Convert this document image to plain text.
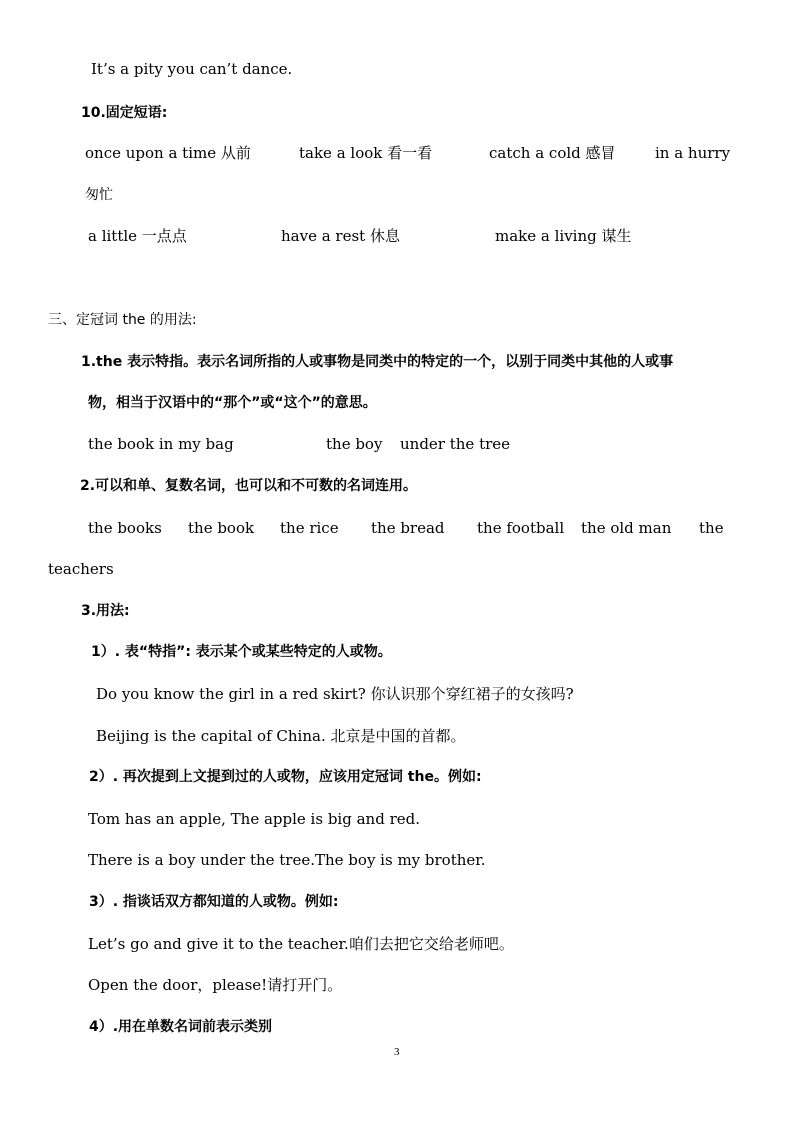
It’s a pity you can’t dance.
10.固定短语:
once upon a time 从前	take a look 看一看	catch a cold 感冒	in a hurry
匆忙
a little 一点点	have a rest 休息	make a living 谋生
三、定冠词 the 的用法:
1.the 表示特指。表示名词所指的人或事物是同类中的特定的一个，以别于同类中其他的人或事
物，相当于汉语中的“那个”或“这个”的意思。
the book in my bag	the boy under the tree
2.可以和单、复数名词，也可以和不可数的名词连用。
the books the book the rice the bread the football the old man the
teachers
3.用法:
1）. 表“特指”: 表示某个或某些特定的人或物。
Do you know the girl in a red skirt? 你认识那个穿红裙子的女孩吗?
Beijing is the capital of China. 北京是中国的首都。
2）. 再次提到上文提到过的人或物，应该用定冠词 the。例如:
Tom has an apple, The apple is big and red.
There is a boy under the tree.The boy is my brother.
3）. 指谈话双方都知道的人或物。例如:
Let’s go and give it to the teacher.咱们去把它交给老师吧。
Open the door，please!请打开门。
4）.用在单数名词前表示类别
3
